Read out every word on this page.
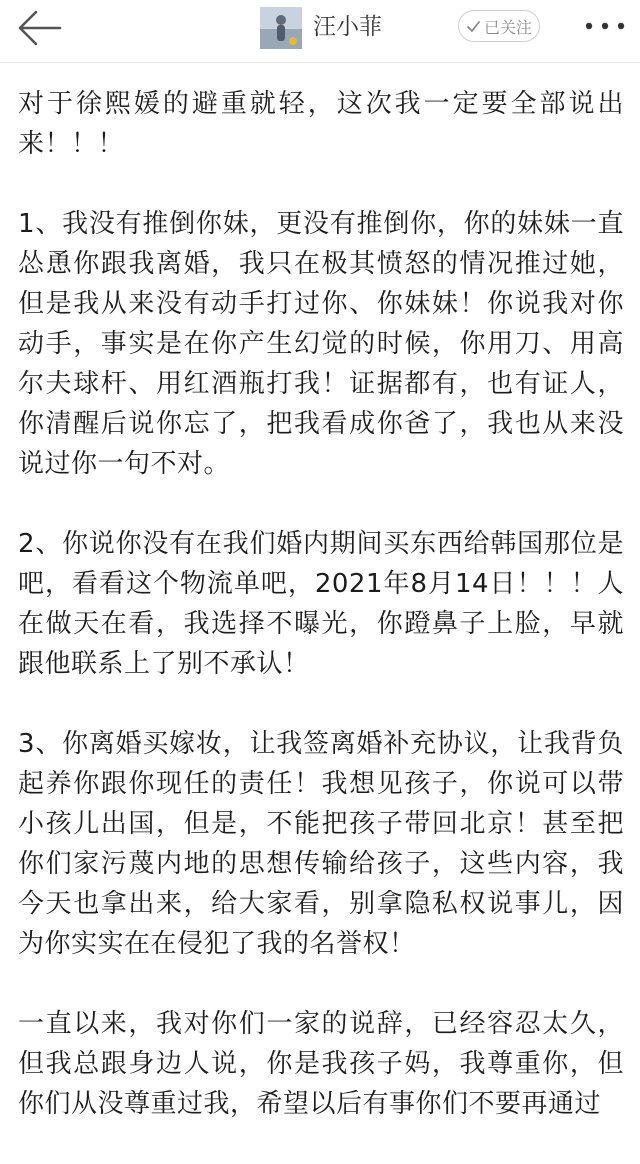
汪小菲	已关注

对于徐熙媛的避重就轻，这次我一定要全部说出来！！！

1、我没有推倒你妹，更没有推倒你，你的妹妹一直怂恿你跟我离婚，我只在极其愤怒的情况推过她，但是我从来没有动手打过你、你妹妹！你说我对你动手，事实是在你产生幻觉的时候，你用刀、用高尔夫球杆、用红酒瓶打我！证据都有，也有证人，你清醒后说你忘了，把我看成你爸了，我也从来没说过你一句不对。

2、你说你没有在我们婚内期间买东西给韩国那位是吧，看看这个物流单吧，2021年8月14日！！！人在做天在看，我选择不曝光，你蹬鼻子上脸，早就跟他联系上了别不承认！

3、你离婚买嫁妆，让我签离婚补充协议，让我背负起养你跟你现任的责任！我想见孩子，你说可以带小孩儿出国，但是，不能把孩子带回北京！甚至把你们家污蔑内地的思想传输给孩子，这些内容，我今天也拿出来，给大家看，别拿隐私权说事儿，因为你实实在在侵犯了我的名誉权！

一直以来，我对你们一家的说辞，已经容忍太久，但我总跟身边人说，你是我孩子妈，我尊重你，但你们从没尊重过我，希望以后有事你们不要再通过
